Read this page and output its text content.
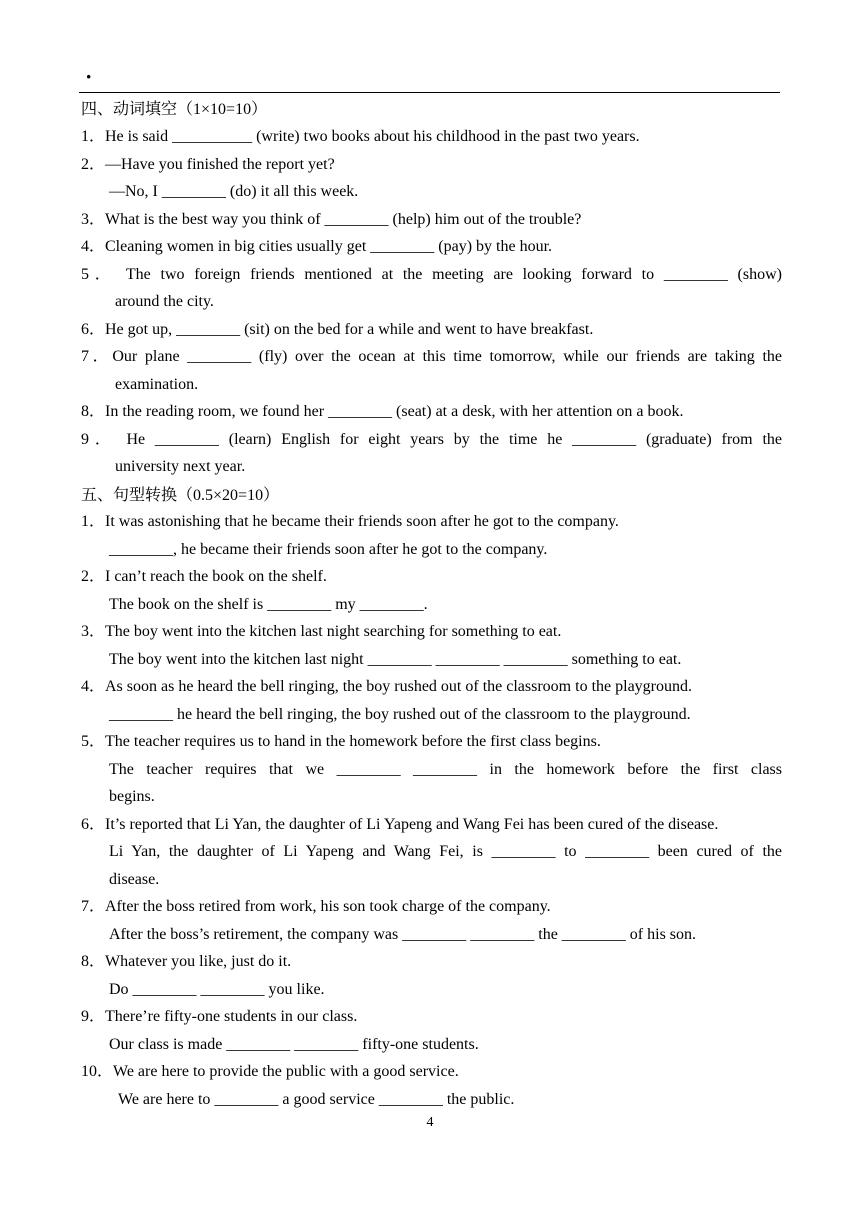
·
四、动词填空（1×10=10）
1．He is said __________ (write) two books about his childhood in the past two years.
2．—Have you finished the report yet?
—No, I ________ (do) it all this week.
3．What is the best way you think of ________ (help) him out of the trouble?
4．Cleaning women in big cities usually get ________ (pay) by the hour.
5． The two foreign friends mentioned at the meeting are looking forward to ________ (show)
around the city.
6．He got up, ________ (sit) on the bed for a while and went to have breakfast.
7．Our plane ________ (fly) over the ocean at this time tomorrow, while our friends are taking the
examination.
8．In the reading room, we found her ________ (seat) at a desk, with her attention on a book.
9． He ________ (learn) English for eight years by the time he ________ (graduate) from the
university next year.
五、句型转换（0.5×20=10）
1．It was astonishing that he became their friends soon after he got to the company.
________, he became their friends soon after he got to the company.
2．I can’t reach the book on the shelf.
The book on the shelf is ________ my ________.
3．The boy went into the kitchen last night searching for something to eat.
The boy went into the kitchen last night ________ ________ ________ something to eat.
4．As soon as he heard the bell ringing, the boy rushed out of the classroom to the playground.
________ he heard the bell ringing, the boy rushed out of the classroom to the playground.
5．The teacher requires us to hand in the homework before the first class begins.
The teacher requires that we ________ ________ in the homework before the first class
begins.
6．It’s reported that Li Yan, the daughter of Li Yapeng and Wang Fei has been cured of the disease.
Li Yan, the daughter of Li Yapeng and Wang Fei, is ________ to ________ been cured of the
disease.
7．After the boss retired from work, his son took charge of the company.
After the boss’s retirement, the company was ________ ________ the ________ of his son.
8．Whatever you like, just do it.
Do ________ ________ you like.
9．There’re fifty-one students in our class.
Our class is made ________ ________ fifty-one students.
10．We are here to provide the public with a good service.
We are here to ________ a good service ________ the public.
4
